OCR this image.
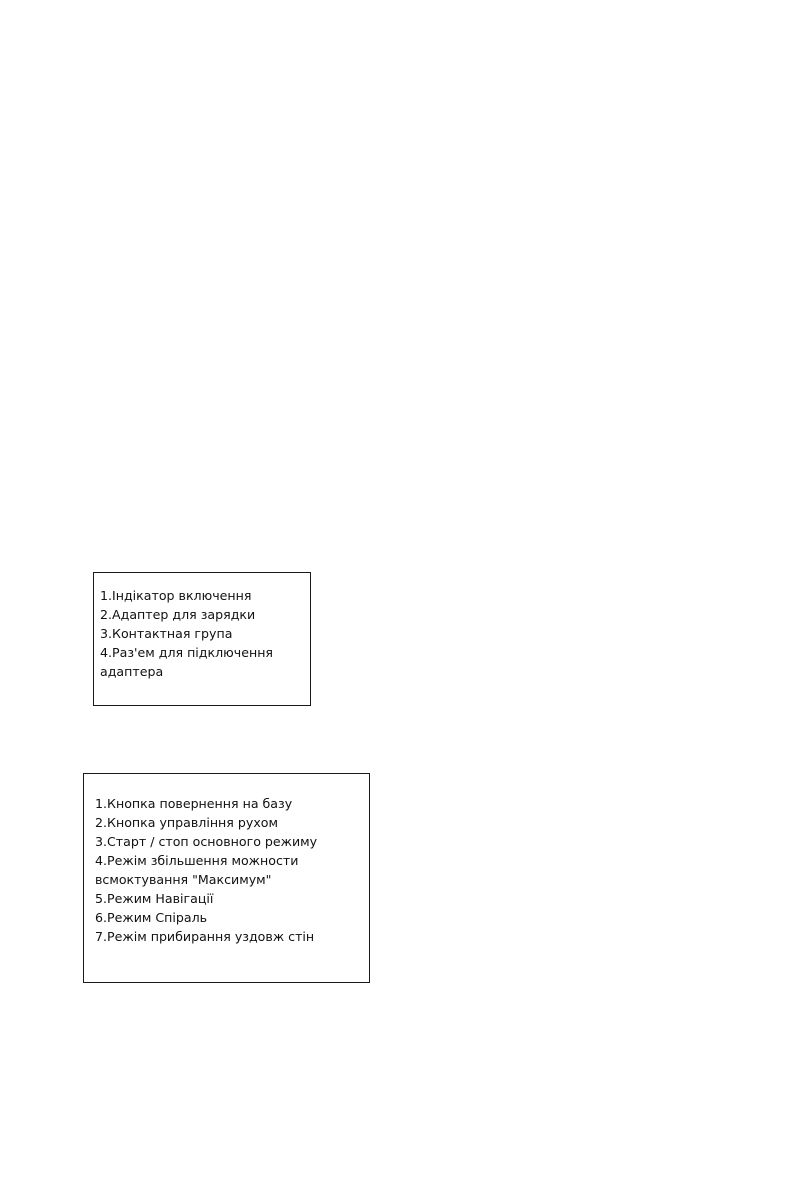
1.Індікатор включення
2.Адаптер для зарядки
3.Контактная група
4.Раз'ем для підключення
адаптера
1.Кнопка повернення на базу
2.Кнопка управління рухом
3.Старт / стоп основного режиму
4.Режім збільшення можности
всмоктування "Максимум"
5.Режим Навігації
6.Режим Спіраль
7.Режім прибирання уздовж стін
